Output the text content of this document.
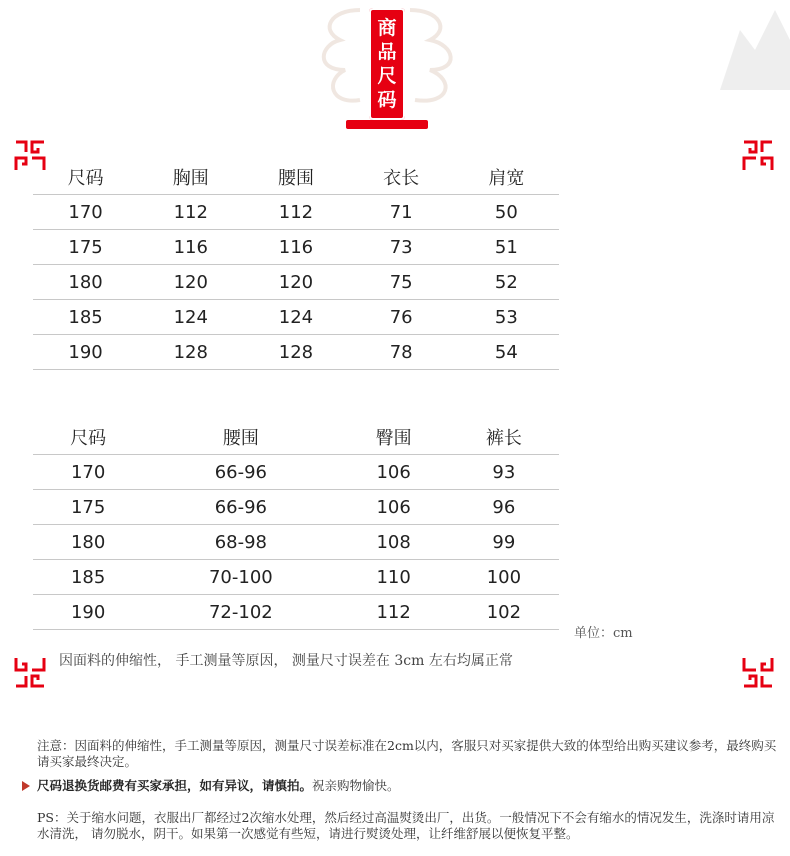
商
品
尺
码
尺码	胸围	腰围	衣长	肩宽
170	112	112	71	50
175	116	116	73	51
180	120	120	75	52
185	124	124	76	53
190	128	128	78	54
尺码	腰围	臀围	裤长
170	66-96	106	93
175	66-96	106	96
180	68-98	108	99
185	70-100	110	100
190	72-102	112	102
单位：cm
因面料的伸缩性， 手工测量等原因， 测量尺寸误差在 3cm 左右均属正常
注意：因面料的伸缩性，手工测量等原因，测量尺寸误差标准在2cm以内，客服只对买家提供大致的体型给出购买建议参考，最终购买请买家最终决定。
尺码退换货邮费有买家承担，如有异议，请慎拍。祝亲购物愉快。
PS：关于缩水问题，衣服出厂都经过2次缩水处理，然后经过高温熨烫出厂，出货。一般情况下不会有缩水的情况发生，洗涤时请用凉水清洗， 请勿脱水，阴干。如果第一次感觉有些短，请进行熨烫处理，让纤维舒展以便恢复平整。
